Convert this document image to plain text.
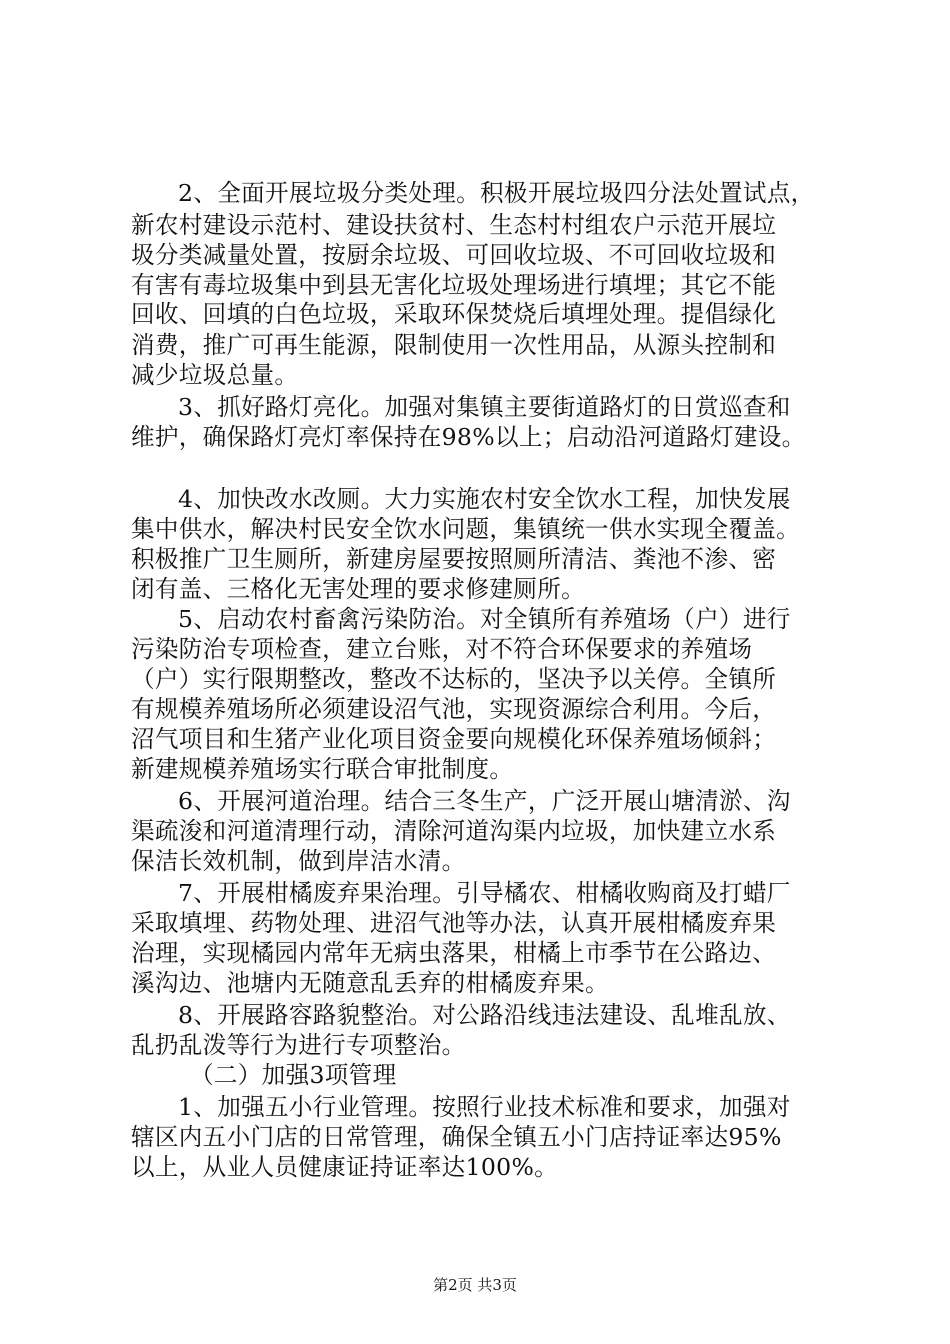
2、全面开展垃圾分类处理。积极开展垃圾四分法处置试点，
新农村建设示范村、建设扶贫村、生态村村组农户示范开展垃
圾分类减量处置，按厨余垃圾、可回收垃圾、不可回收垃圾和
有害有毒垃圾集中到县无害化垃圾处理场进行填埋；其它不能
回收、回填的白色垃圾，采取环保焚烧后填埋处理。提倡绿化
消费，推广可再生能源，限制使用一次性用品，从源头控制和
减少垃圾总量。
3、抓好路灯亮化。加强对集镇主要街道路灯的日赏巡查和
维护，确保路灯亮灯率保持在98%以上；启动沿河道路灯建设。
4、加快改水改厕。大力实施农村安全饮水工程，加快发展
集中供水，解决村民安全饮水问题，集镇统一供水实现全覆盖。
积极推广卫生厕所，新建房屋要按照厕所清洁、粪池不渗、密
闭有盖、三格化无害处理的要求修建厕所。
5、启动农村畜禽污染防治。对全镇所有养殖场（户）进行
污染防治专项检查，建立台账，对不符合环保要求的养殖场
（户）实行限期整改，整改不达标的，坚决予以关停。全镇所
有规模养殖场所必须建设沼气池，实现资源综合利用。今后，
沼气项目和生猪产业化项目资金要向规模化环保养殖场倾斜；
新建规模养殖场实行联合审批制度。
6、开展河道治理。结合三冬生产，广泛开展山塘清淤、沟
渠疏浚和河道清理行动，清除河道沟渠内垃圾，加快建立水系
保洁长效机制，做到岸洁水清。
7、开展柑橘废弃果治理。引导橘农、柑橘收购商及打蜡厂
采取填埋、药物处理、进沼气池等办法，认真开展柑橘废弃果
治理，实现橘园内常年无病虫落果，柑橘上市季节在公路边、
溪沟边、池塘内无随意乱丢弃的柑橘废弃果。
8、开展路容路貌整治。对公路沿线违法建设、乱堆乱放、
乱扔乱泼等行为进行专项整治。
（二）加强3项管理
1、加强五小行业管理。按照行业技术标准和要求，加强对
辖区内五小门店的日常管理，确保全镇五小门店持证率达95%
以上，从业人员健康证持证率达100%。
第2页 共3页
